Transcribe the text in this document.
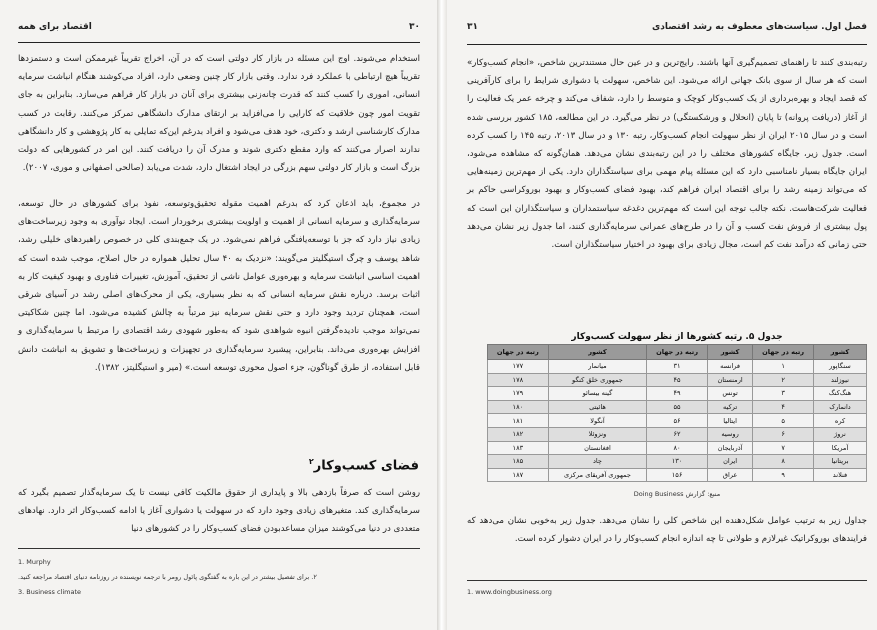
اقتصاد برای همه	۳۰

استخدام می‌شوند. اوج این مسئله در بازار کار دولتی است که در آن، اخراج تقریباً غیرممکن است و دستمزدها تقریباً هیچ ارتباطی با عملکرد فرد ندارد. وقتی بازار کار چنین وضعی دارد، افراد می‌کوشند هنگام انباشت سرمایه انسانی، اموری را کسب کنند که قدرت چانه‌زنی بیشتری برای آنان در بازار کار فراهم می‌سازد. بنابراین به جای تقویت امور چون خلاقیت که کارایی را می‌افزاید بر ارتقای مدارک دانشگاهی تمرکز می‌کنند. رقابت در کسب مدارک کارشناسی ارشد و دکتری، خود هدف می‌شود و افراد بدرغم این‌که تمایلی به کار پژوهشی و کار دانشگاهی ندارند اصرار می‌کنند که وارد مقطع دکتری شوند و مدرک آن را دریافت کنند. این امر در کشورهایی که دولت بزرگ است و بازار کار دولتی سهم بزرگی در ایجاد اشتغال دارد، شدت می‌یابد (صالحی اصفهانی و موری، ۲۰۰۷).

در مجموع، باید اذعان کرد که بدرغم اهمیت مقوله تحقیق‌وتوسعه، نفوذ برای کشورهای در حال توسعه، سرمایه‌گذاری و سرمایه انسانی از اهمیت و اولویت بیشتری برخوردار است. ایجاد نوآوری به وجود زیرساخت‌های زیادی نیاز دارد که جز با توسعه‌یافتگی فراهم نمی‌شود. در یک جمع‌بندی کلی در خصوص راهبردهای خلیلی رشد، شاهد یوسف و چرگ استیگلیتز می‌گویند: «نزدیک به ۴۰ سال تحلیل همواره در حال اصلاح، موجب شده است که اهمیت اساسی انباشت سرمایه و بهره‌وری عوامل ناشی از تحقیق، آموزش، تغییرات فناوری و بهبود کیفیت کار به اثبات برسد. درباره نقش سرمایه انسانی که به نظر بسیاری، یکی از محرک‌های اصلی رشد در آسیای شرقی است، همچنان تردید وجود دارد و حتی نقش سرمایه نیز مرتباً به چالش کشیده می‌شود. اما چنین شکاکیتی نمی‌تواند موجب نادیده‌گرفتن انبوه شواهدی شود که به‌طور شهودی رشد اقتصادی را مرتبط با سرمایه‌گذاری و افزایش بهره‌وری می‌داند. بنابراین، پیشبرد سرمایه‌گذاری در تجهیزات و زیرساخت‌ها و تشویق به انباشت دانش قابل استفاده، از طرق گوناگون، جزء اصول محوری توسعه است.» (میر و استیگلیتز، ۱۳۸۲).

فضای کسب‌وکار$^۲$

روشن است که صرفاً بازدهی بالا و پایداری از حقوق مالکیت کافی نیست تا یک سرمایه‌گذار تصمیم بگیرد که سرمایه‌گذاری کند. متغیرهای زیادی وجود دارد که در سهولت یا دشواری آغاز یا ادامه کسب‌وکار اثر دارد. نهادهای متعددی در دنیا می‌کوشند میزان مساعدبودن فضای کسب‌وکار را در کشورهای دنیا

1. Murphy

۲. برای تفصیل بیشتر در این باره به گفتگوی پائول رومر با ترجمه نویسنده در روزنامه دنیای اقتصاد مراجعه کنید.

3. Business climate

۳۱	فصل اول. سیاست‌های معطوف به رشد اقتصادی

رتبه‌بندی کنند تا راهنمای تصمیم‌گیری آنها باشند. رایج‌ترین و در عین حال مستندترین شاخص، «انجام کسب‌وکار» است که هر سال از سوی بانک جهانی ارائه می‌شود. این شاخص، سهولت یا دشواری شرایط را برای کارآفرینی که قصد ایجاد و بهره‌برداری از یک کسب‌وکار کوچک و متوسط را دارد، شفاف می‌کند و چرخه عمر یک فعالیت را از آغاز (دریافت پروانه) تا پایان (انحلال و ورشکستگی) در نظر می‌گیرد. در این مطالعه، ۱۸۵ کشور بررسی شده است و در سال ۲۰۱۵ ایران از نظر سهولت انجام کسب‌وکار، رتبه ۱۳۰ و در سال ۲۰۱۳، رتبه ۱۴۵ را کسب کرده است. جدول زیر، جایگاه کشورهای مختلف را در این رتبه‌بندی نشان می‌دهد. همان‌گونه که مشاهده می‌شود، ایران جایگاه بسیار نامناسبی دارد که این مسئله پیام مهمی برای سیاستگذاران دارد. یکی از مهم‌ترین زمینه‌هایی که می‌تواند زمینه رشد را برای اقتصاد ایران فراهم کند، بهبود فضای کسب‌وکار و بهبود بوروکراسی حاکم بر فعالیت شرکت‌هاست. نکته جالب توجه این است که مهم‌ترین دغدغه سیاستمداران و سیاستگذاران این است که پول بیشتری از فروش نفت کسب و آن را در طرح‌های عمرانی سرمایه‌گذاری کنند، اما جدول زیر نشان می‌دهد حتی زمانی که درآمد نفت کم است، مجال زیادی برای بهبود در اختیار سیاستگذاران است.

جدول ۵. رتبه کشورها از نظر سهولت کسب‌وکار

کشور	رتبه در جهان	کشور	رتبه در جهان	کشور	رتبه در جهان
سنگاپور	۱	فرانسه	۳۱	میانمار	۱۷۷
نیوزلند	۲	ارمنستان	۴۵	جمهوری خلق کنگو	۱۷۸
هنگ‌کنگ	۳	تونس	۴۹	گینه بیسائو	۱۷۹
دانمارک	۴	ترکیه	۵۵	هائیتی	۱۸۰
کره	۵	ایتالیا	۵۶	آنگولا	۱۸۱
نروژ	۶	روسیه	۶۲	ونزوئلا	۱۸۲
آمریکا	۷	آذربایجان	۸۰	افغانستان	۱۸۳
بریتانیا	۸	ایران	۱۳۰	چاد	۱۸۵
فنلاند	۹	عراق	۱۵۶	جمهوری آفریقای مرکزی	۱۸۷

منبع: گزارش Doing Business

جداول زیر به ترتیب عوامل شکل‌دهنده این شاخص کلی را نشان می‌دهد. جدول زیر به‌خوبی نشان می‌دهد که فرایندهای بوروکراتیک غیرلازم و طولانی تا چه اندازه انجام کسب‌وکار را در ایران دشوار کرده است.

1. www.doingbusiness.org
